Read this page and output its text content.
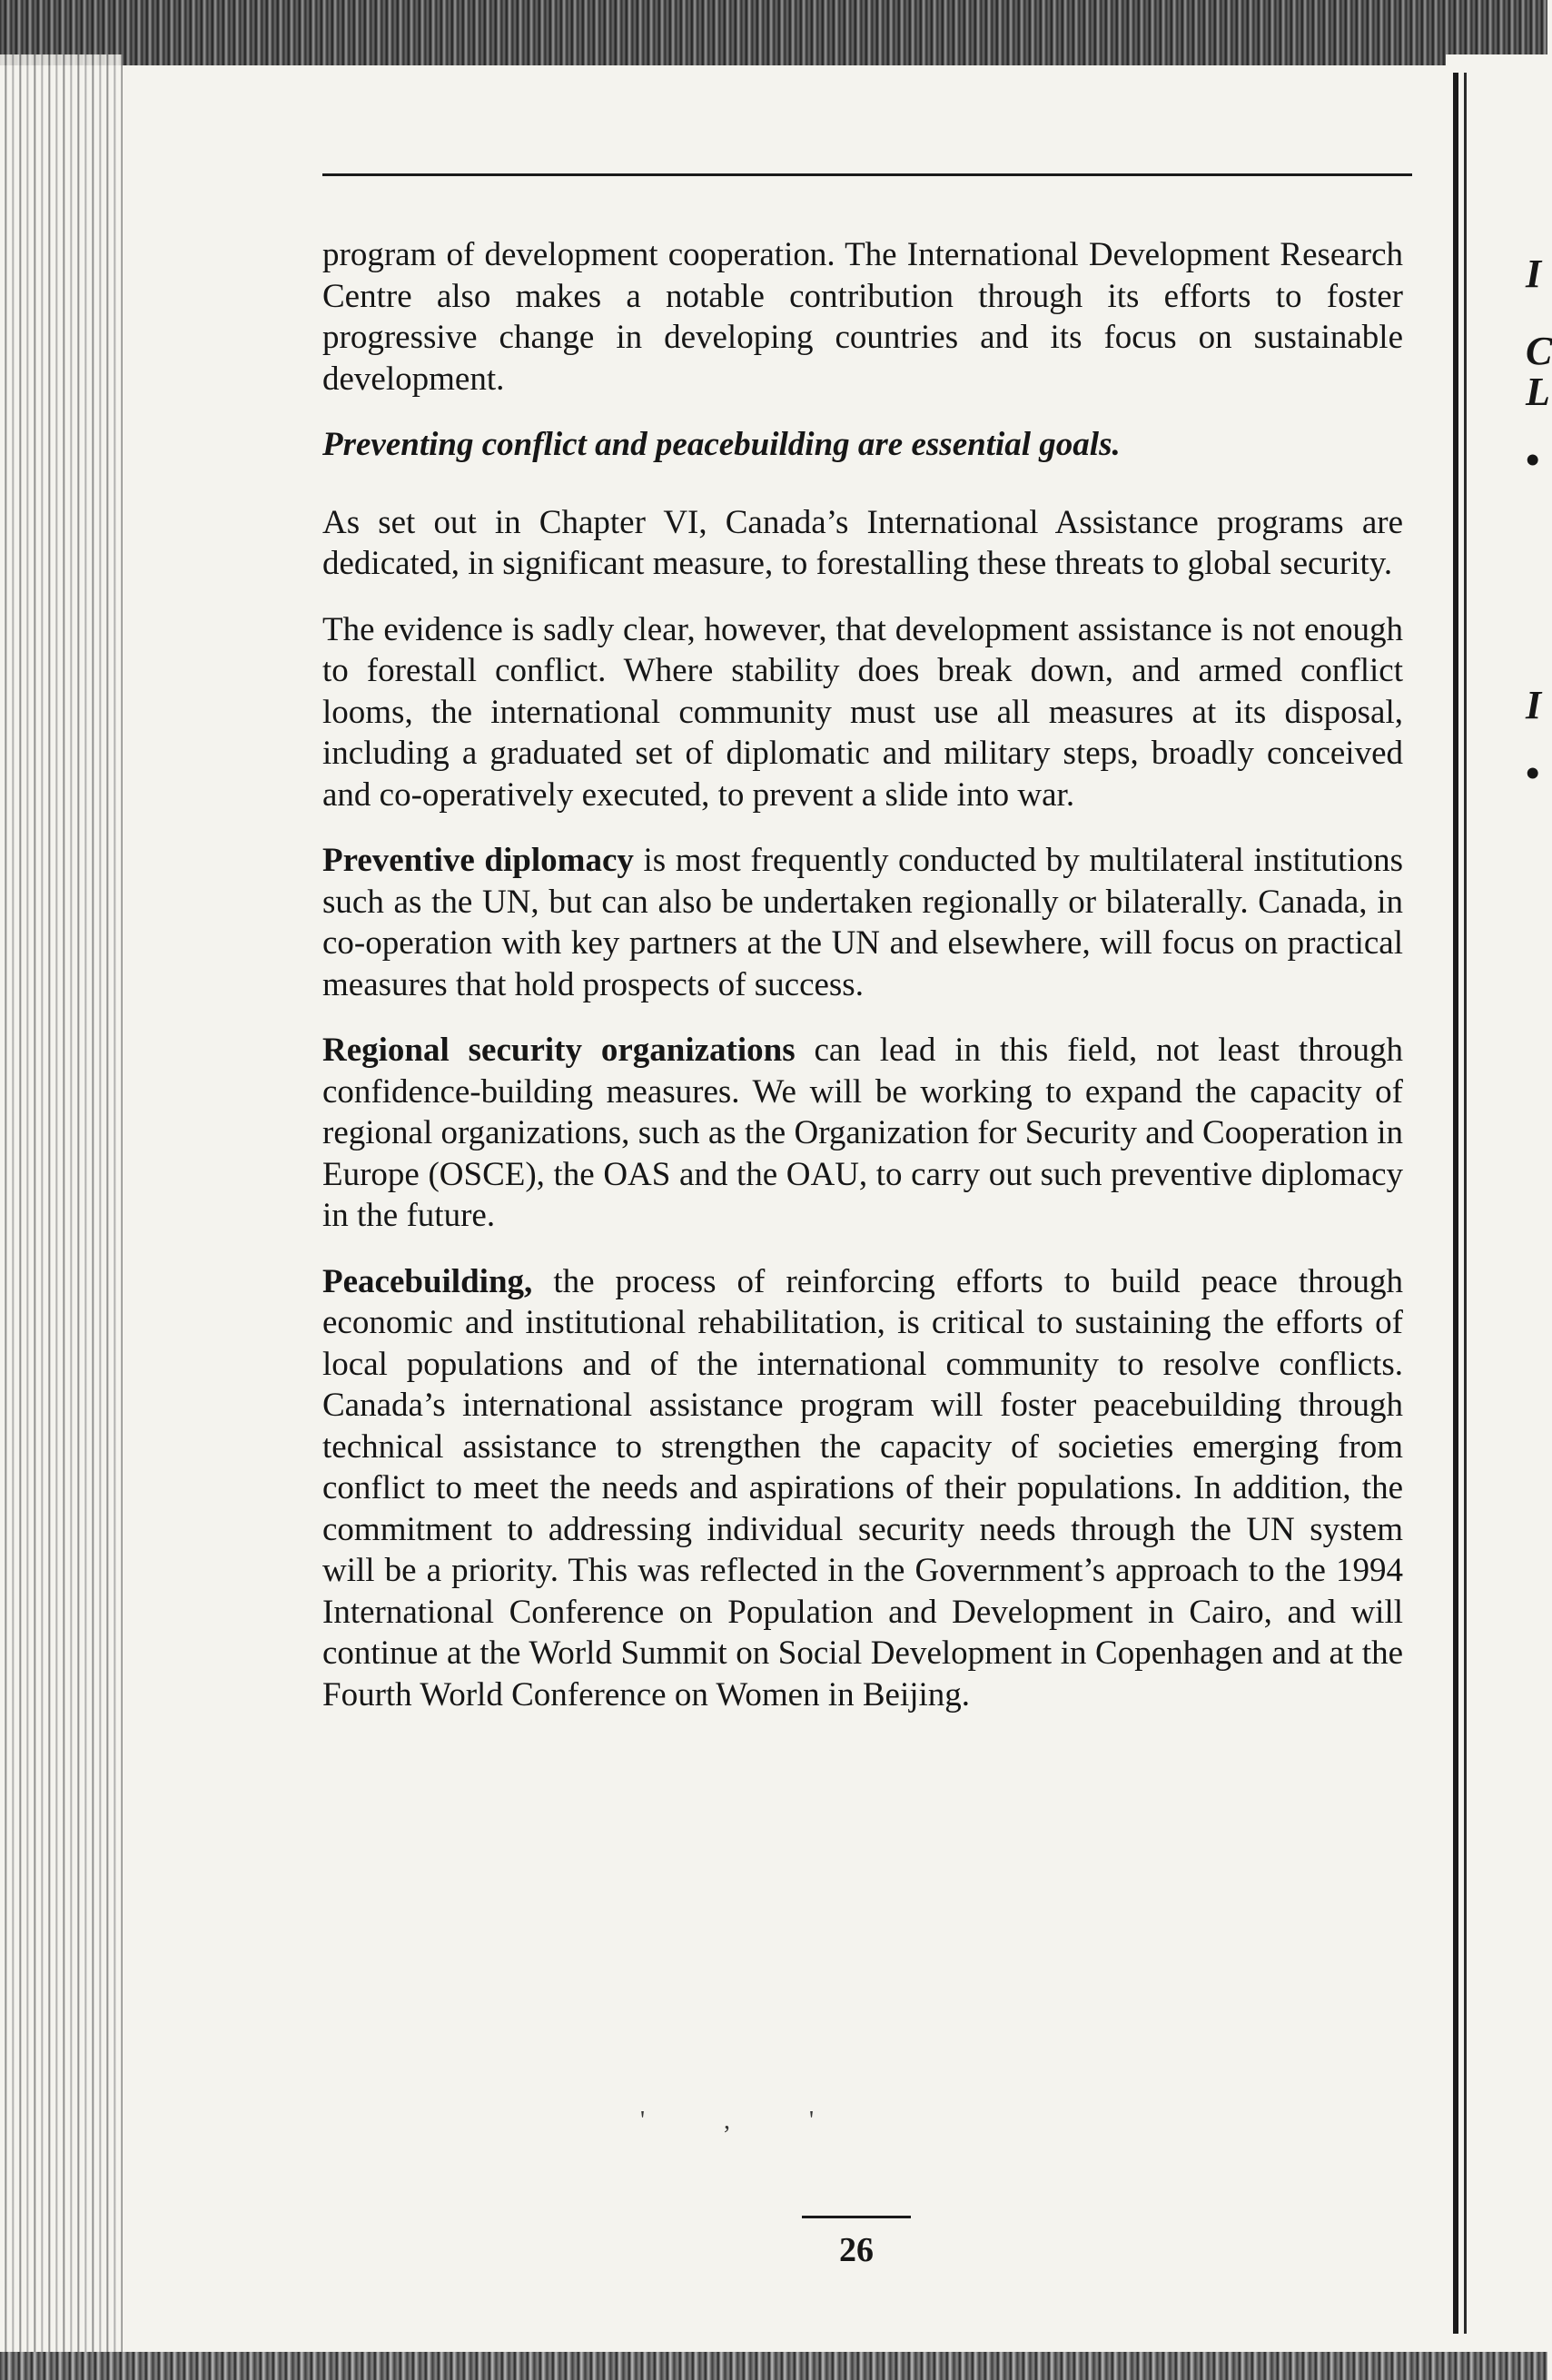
I
C
L
•
I
•

program of development cooperation. The International Development Research Centre also makes a notable contribution through its efforts to foster progressive change in developing countries and its focus on sustainable development.

Preventing conflict and peacebuilding are essential goals.

As set out in Chapter VI, Canada’s International Assistance programs are dedicated, in significant measure, to forestalling these threats to global security.

The evidence is sadly clear, however, that development assistance is not enough to forestall conflict. Where stability does break down, and armed conflict looms, the international community must use all measures at its disposal, including a graduated set of diplomatic and military steps, broadly conceived and co-operatively executed, to prevent a slide into war.

Preventive diplomacy is most frequently conducted by multilateral institutions such as the UN, but can also be undertaken regionally or bilaterally. Canada, in co-operation with key partners at the UN and elsewhere, will focus on practical measures that hold prospects of success.

Regional security organizations can lead in this field, not least through confidence-building measures. We will be working to expand the capacity of regional organizations, such as the Organization for Security and Cooperation in Europe (OSCE), the OAS and the OAU, to carry out such preventive diplomacy in the future.

Peacebuilding, the process of reinforcing efforts to build peace through economic and institutional rehabilitation, is critical to sustaining the efforts of local populations and of the international community to resolve conflicts. Canada’s international assistance program will foster peacebuilding through technical assistance to strengthen the capacity of societies emerging from conflict to meet the needs and aspirations of their populations. In addition, the commitment to addressing individual security needs through the UN system will be a priority. This was reflected in the Government’s approach to the 1994 International Conference on Population and Development in Cairo, and will continue at the World Summit on Social Development in Copenhagen and at the Fourth World Conference on Women in Beijing.

' , '
26
